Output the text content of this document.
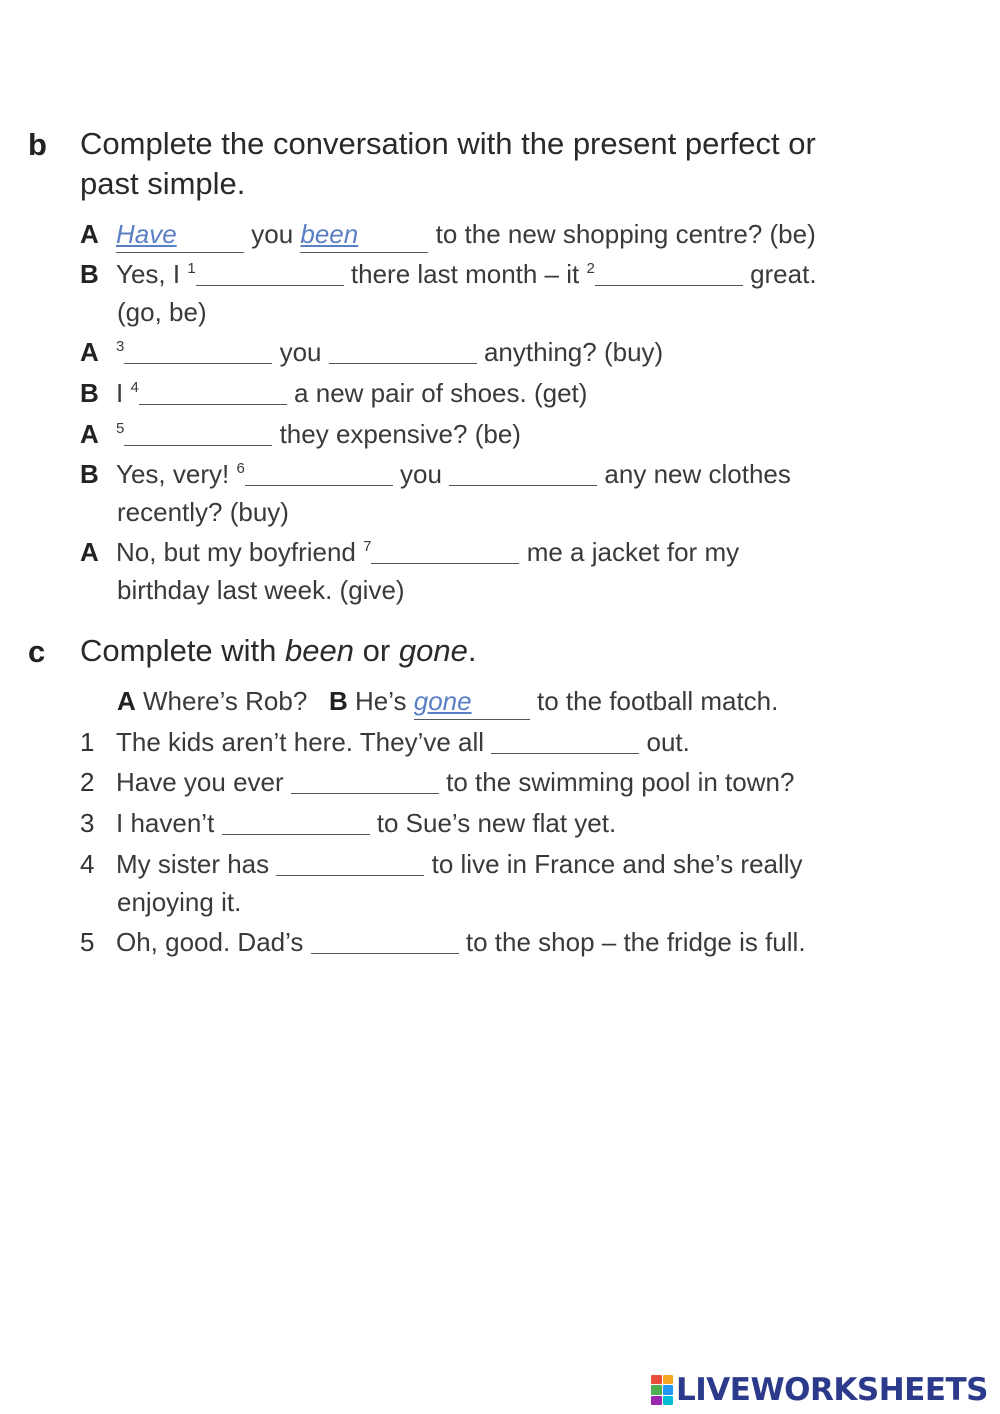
b Complete the conversation with the present perfect or
past simple.
A Have	you been	to the new shopping centre? (be)
B Yes, I $^1$	there last month – it $^2$	great.
(go, be)
A $^3$	you	anything? (buy)
B I $^4$	a new pair of shoes. (get)
A $^5$	they expensive? (be)
B Yes, very! $^6$	you	any new clothes
recently? (buy)
A No, but my boyfriend $^7$	me a jacket for my
birthday last week. (give)
c Complete with been or gone.
A Where’s Rob? B He’s gone	to the football match.
1 The kids aren’t here. They’ve all	out.
2 Have you ever	to the swimming pool in town?
3 I haven’t	to Sue’s new flat yet.
4 My sister has	to live in France and she’s really
enjoying it.
5 Oh, good. Dad’s	to the shop – the fridge is full.
LIVEWORKSHEETS
